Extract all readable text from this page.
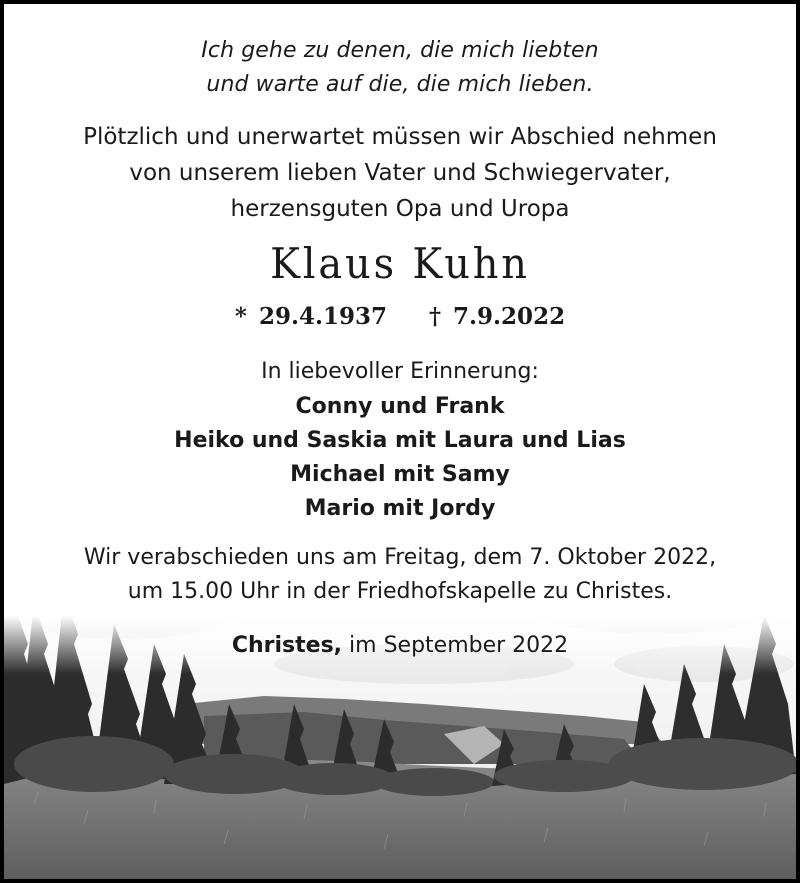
Ich gehe zu denen, die mich liebten
und warte auf die, die mich lieben.
Plötzlich und unerwartet müssen wir Abschied nehmen
von unserem lieben Vater und Schwiegervater,
herzensguten Opa und Uropa
Klaus Kuhn
* 29.4.1937 † 7.9.2022
In liebevoller Erinnerung:
Conny und Frank
Heiko und Saskia mit Laura und Lias
Michael mit Samy
Mario mit Jordy
Wir verabschieden uns am Freitag, dem 7. Oktober 2022,
um 15.00 Uhr in der Friedhofskapelle zu Christes.
Christes, im September 2022
